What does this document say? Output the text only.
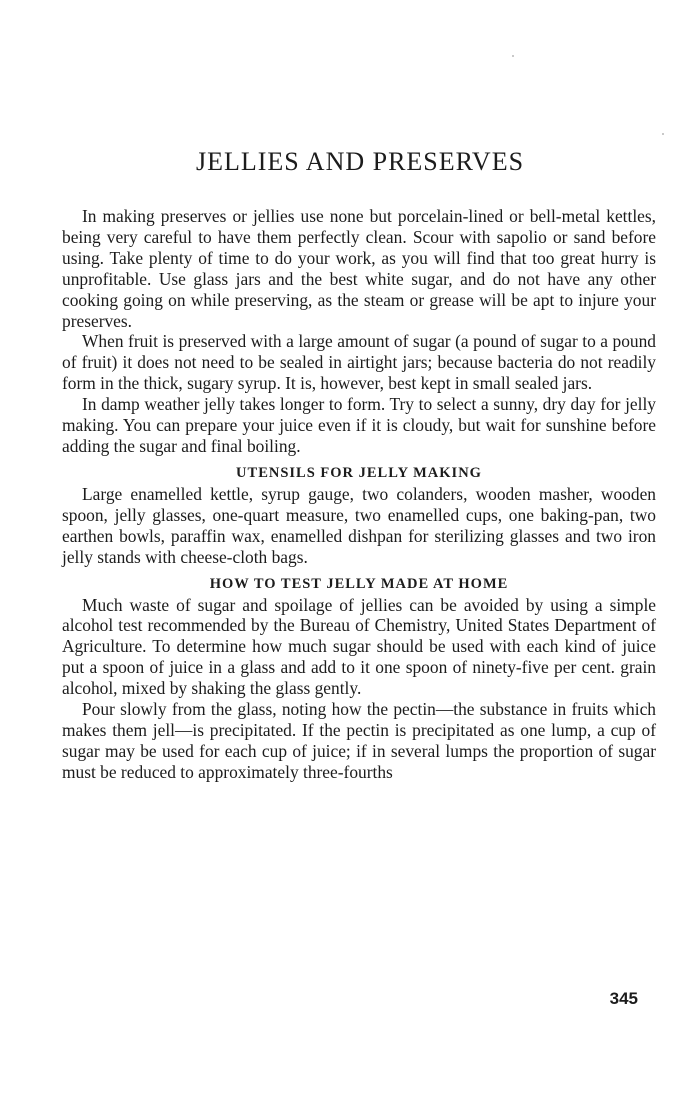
JELLIES AND PRESERVES

In making preserves or jellies use none but porcelain-lined or bell-metal kettles, being very careful to have them perfectly clean. Scour with sapolio or sand before using. Take plenty of time to do your work, as you will find that too great hurry is unprofitable. Use glass jars and the best white sugar, and do not have any other cooking going on while preserving, as the steam or grease will be apt to injure your preserves.

When fruit is preserved with a large amount of sugar (a pound of sugar to a pound of fruit) it does not need to be sealed in airtight jars; because bacteria do not readily form in the thick, sugary syrup. It is, however, best kept in small sealed jars.

In damp weather jelly takes longer to form. Try to select a sunny, dry day for jelly making. You can prepare your juice even if it is cloudy, but wait for sunshine before adding the sugar and final boiling.

UTENSILS FOR JELLY MAKING

Large enamelled kettle, syrup gauge, two colanders, wooden masher, wooden spoon, jelly glasses, one-quart measure, two enamelled cups, one baking-pan, two earthen bowls, paraffin wax, enamelled dishpan for sterilizing glasses and two iron jelly stands with cheese-cloth bags.

HOW TO TEST JELLY MADE AT HOME

Much waste of sugar and spoilage of jellies can be avoided by using a simple alcohol test recommended by the Bureau of Chemistry, United States Department of Agriculture. To determine how much sugar should be used with each kind of juice put a spoon of juice in a glass and add to it one spoon of ninety-five per cent. grain alcohol, mixed by shaking the glass gently.

Pour slowly from the glass, noting how the pectin—the substance in fruits which makes them jell—is precipitated. If the pectin is precipitated as one lump, a cup of sugar may be used for each cup of juice; if in several lumps the proportion of sugar must be reduced to approximately three-fourths

345
